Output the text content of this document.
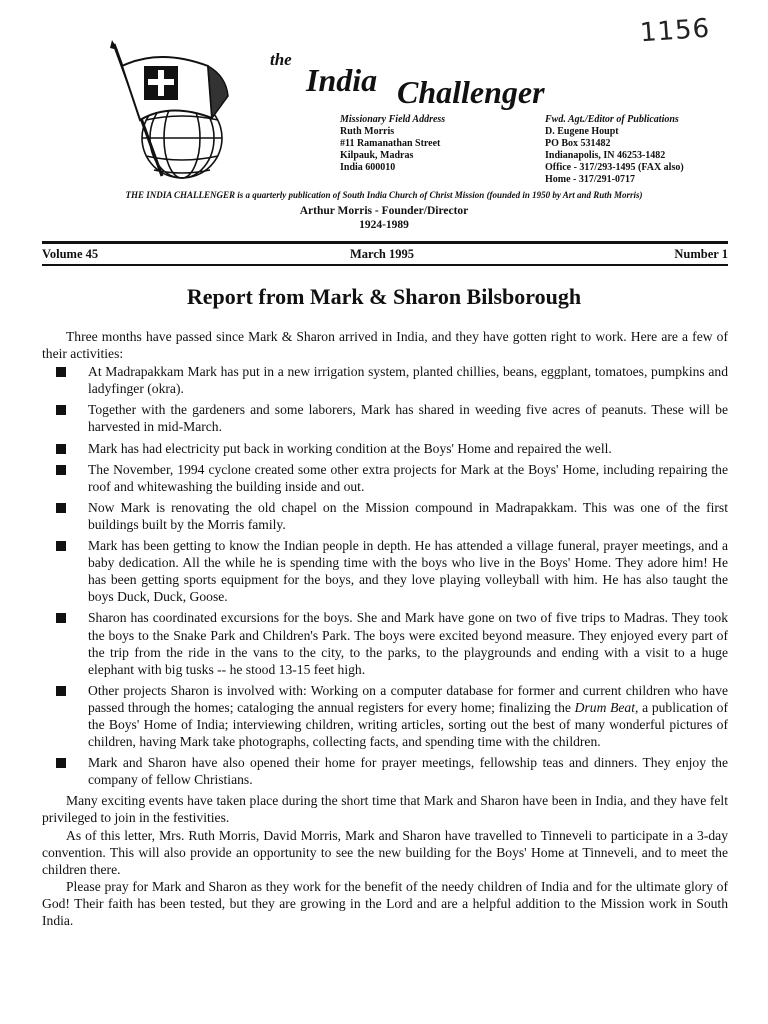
1156
the
India Challenger
Missionary Field Address
Ruth Morris
#11 Ramanathan Street
Kilpauk, Madras
India 600010
Fwd. Agt./Editor of Publications
D. Eugene Houpt
PO Box 531482
Indianapolis, IN 46253-1482
Office - 317/293-1495 (FAX also)
Home - 317/291-0717
THE INDIA CHALLENGER is a quarterly publication of South India Church of Christ Mission (founded in 1950 by Art and Ruth Morris)
Arthur Morris - Founder/Director
1924-1989
Volume 45	March 1995	Number 1
Report from Mark & Sharon Bilsborough

Three months have passed since Mark & Sharon arrived in India, and they have gotten right to work. Here are a few of their activities:

At Madrapakkam Mark has put in a new irrigation system, planted chillies, beans, eggplant, tomatoes, pumpkins and ladyfinger (okra).
Together with the gardeners and some laborers, Mark has shared in weeding five acres of peanuts. These will be harvested in mid-March.
Mark has had electricity put back in working condition at the Boys' Home and repaired the well.
The November, 1994 cyclone created some other extra projects for Mark at the Boys' Home, including repairing the roof and whitewashing the building inside and out.
Now Mark is renovating the old chapel on the Mission compound in Madrapakkam. This was one of the first buildings built by the Morris family.
Mark has been getting to know the Indian people in depth. He has attended a village funeral, prayer meetings, and a baby dedication. All the while he is spending time with the boys who live in the Boys' Home. They adore him! He has been getting sports equipment for the boys, and they love playing volleyball with him. He has also taught the boys Duck, Duck, Goose.
Sharon has coordinated excursions for the boys. She and Mark have gone on two of five trips to Madras. They took the boys to the Snake Park and Children's Park. The boys were excited beyond measure. They enjoyed every part of the trip from the ride in the vans to the city, to the parks, to the playgrounds and ending with a visit to a huge elephant with big tusks -- he stood 13-15 feet high.
Other projects Sharon is involved with: Working on a computer database for former and current children who have passed through the homes; cataloging the annual registers for every home; finalizing the Drum Beat, a publication of the Boys' Home of India; interviewing children, writing articles, sorting out the best of many wonderful pictures of children, having Mark take photographs, collecting facts, and spending time with the children.
Mark and Sharon have also opened their home for prayer meetings, fellowship teas and dinners. They enjoy the company of fellow Christians.

Many exciting events have taken place during the short time that Mark and Sharon have been in India, and they have felt privileged to join in the festivities.

As of this letter, Mrs. Ruth Morris, David Morris, Mark and Sharon have travelled to Tinneveli to participate in a 3-day convention. This will also provide an opportunity to see the new building for the Boys' Home at Tinneveli, and to meet the children there.

Please pray for Mark and Sharon as they work for the benefit of the needy children of India and for the ultimate glory of God! Their faith has been tested, but they are growing in the Lord and are a helpful addition to the Mission work in South India.
